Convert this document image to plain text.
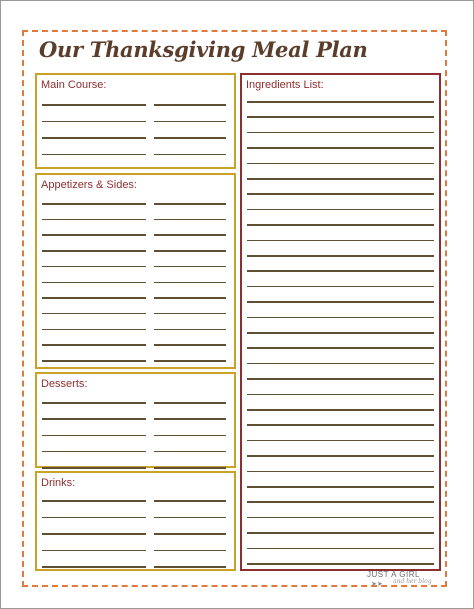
Our Thanksgiving Meal Plan
Main Course:
Appetizers & Sides:
Desserts:
Drinks:
Ingredients List:
JUST A GIRL
➤➤ and her blog
